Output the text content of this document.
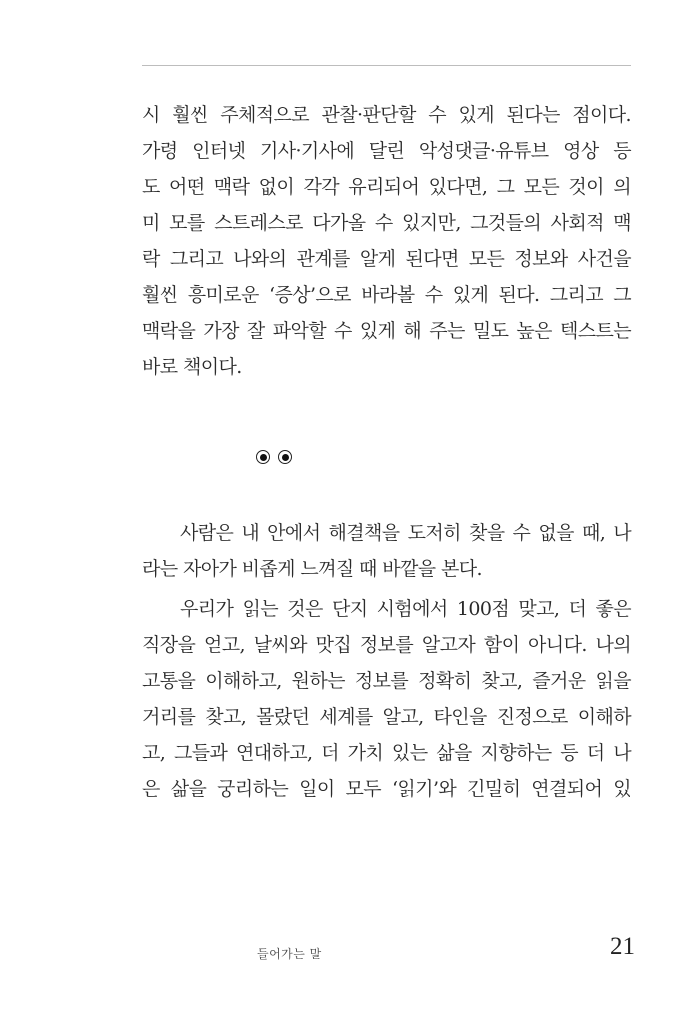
시 훨씬 주체적으로 관찰·판단할 수 있게 된다는 점이다.
가령 인터넷 기사·기사에 달린 악성댓글·유튜브 영상 등
도 어떤 맥락 없이 각각 유리되어 있다면, 그 모든 것이 의
미 모를 스트레스로 다가올 수 있지만, 그것들의 사회적 맥
락 그리고 나와의 관계를 알게 된다면 모든 정보와 사건을
훨씬 흥미로운 ‘증상’으로 바라볼 수 있게 된다. 그리고 그
맥락을 가장 잘 파악할 수 있게 해 주는 밀도 높은 텍스트는
바로 책이다.
사람은 내 안에서 해결책을 도저히 찾을 수 없을 때, 나
라는 자아가 비좁게 느껴질 때 바깥을 본다.
우리가 읽는 것은 단지 시험에서 100점 맞고, 더 좋은
직장을 얻고, 날씨와 맛집 정보를 알고자 함이 아니다. 나의
고통을 이해하고, 원하는 정보를 정확히 찾고, 즐거운 읽을
거리를 찾고, 몰랐던 세계를 알고, 타인을 진정으로 이해하
고, 그들과 연대하고, 더 가치 있는 삶을 지향하는 등 더 나
은 삶을 궁리하는 일이 모두 ‘읽기’와 긴밀히 연결되어 있
들어가는 말	21
